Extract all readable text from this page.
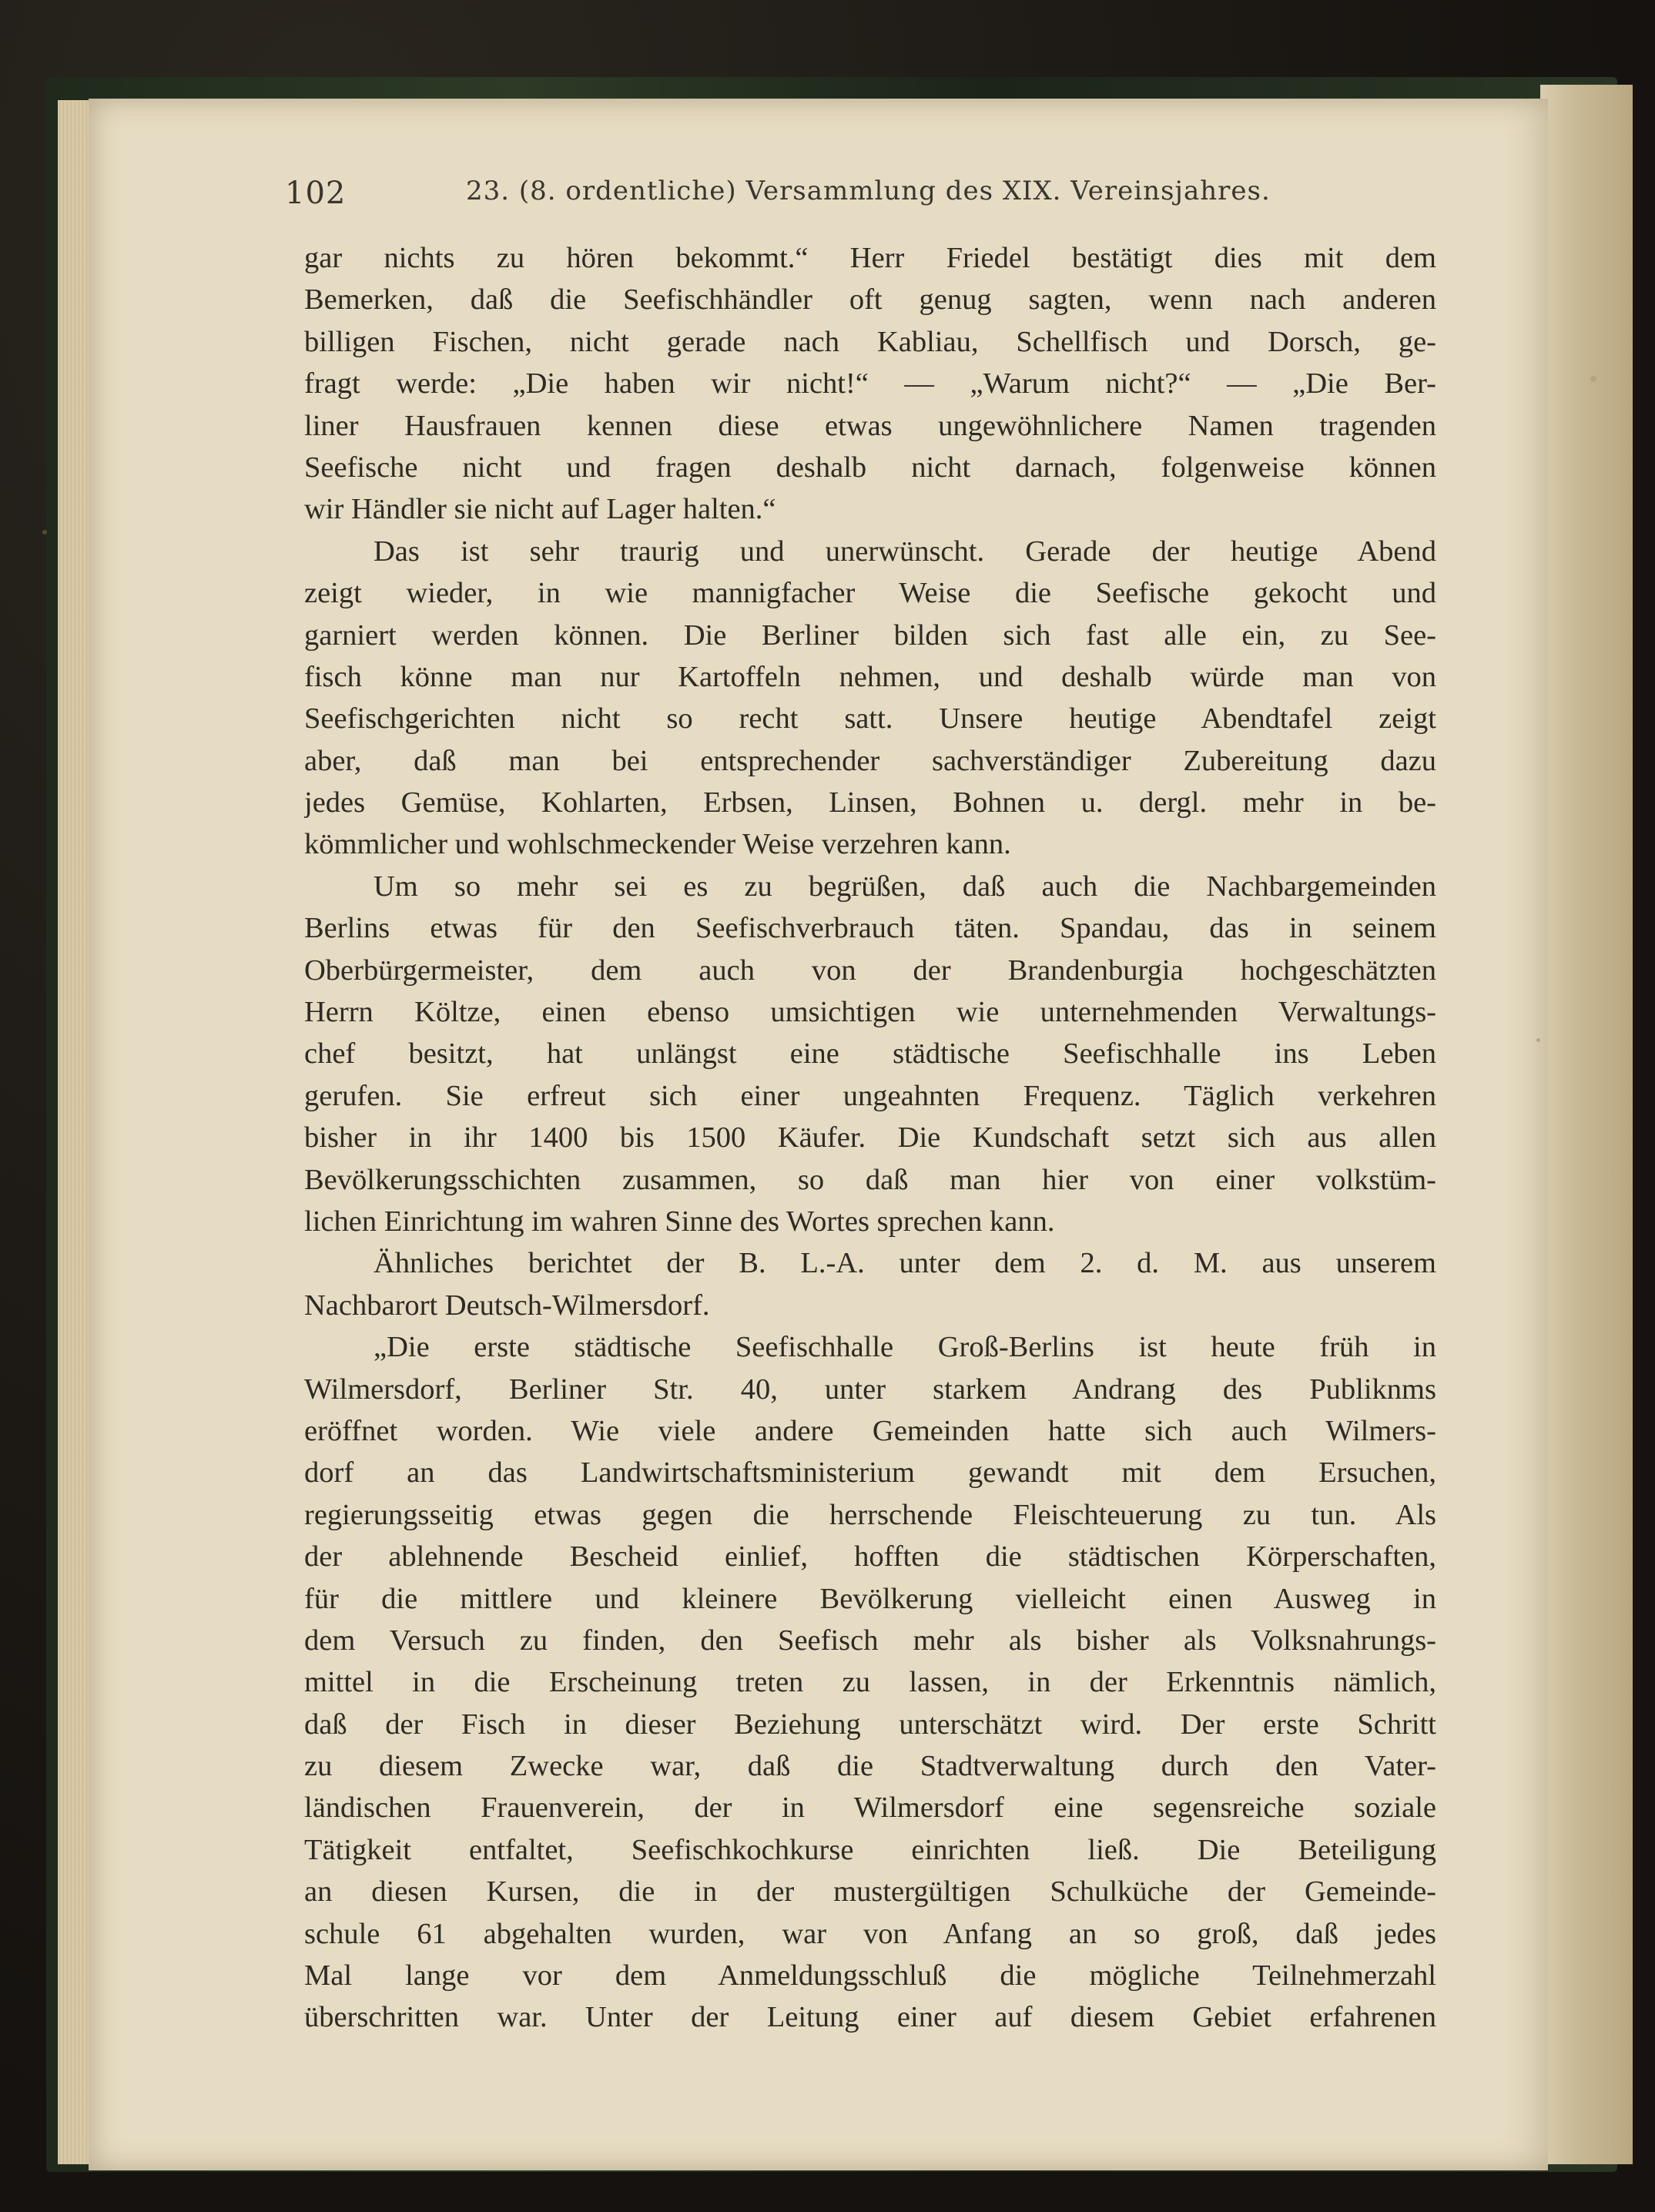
102	23. (8. ordentliche) Versammlung des XIX. Vereinsjahres.
gar nichts zu hören bekommt.“ Herr Friedel bestätigt dies mit dem
Bemerken, daß die Seefischhändler oft genug sagten, wenn nach anderen
billigen Fischen, nicht gerade nach Kabliau, Schellfisch und Dorsch, ge-
fragt werde: „Die haben wir nicht!“ — „Warum nicht?“ — „Die Ber-
liner Hausfrauen kennen diese etwas ungewöhnlichere Namen tragenden
Seefische nicht und fragen deshalb nicht darnach, folgenweise können
wir Händler sie nicht auf Lager halten.“
Das ist sehr traurig und unerwünscht. Gerade der heutige Abend
zeigt wieder, in wie mannigfacher Weise die Seefische gekocht und
garniert werden können. Die Berliner bilden sich fast alle ein, zu See-
fisch könne man nur Kartoffeln nehmen, und deshalb würde man von
Seefischgerichten nicht so recht satt. Unsere heutige Abendtafel zeigt
aber, daß man bei entsprechender sachverständiger Zubereitung dazu
jedes Gemüse, Kohlarten, Erbsen, Linsen, Bohnen u. dergl. mehr in be-
kömmlicher und wohlschmeckender Weise verzehren kann.
Um so mehr sei es zu begrüßen, daß auch die Nachbargemeinden
Berlins etwas für den Seefischverbrauch täten. Spandau, das in seinem
Oberbürgermeister, dem auch von der Brandenburgia hochgeschätzten
Herrn Költze, einen ebenso umsichtigen wie unternehmenden Verwaltungs-
chef besitzt, hat unlängst eine städtische Seefischhalle ins Leben
gerufen. Sie erfreut sich einer ungeahnten Frequenz. Täglich verkehren
bisher in ihr 1400 bis 1500 Käufer. Die Kundschaft setzt sich aus allen
Bevölkerungsschichten zusammen, so daß man hier von einer volkstüm-
lichen Einrichtung im wahren Sinne des Wortes sprechen kann.
Ähnliches berichtet der B. L.-A. unter dem 2. d. M. aus unserem
Nachbarort Deutsch-Wilmersdorf.
„Die erste städtische Seefischhalle Groß-Berlins ist heute früh in
Wilmersdorf, Berliner Str. 40, unter starkem Andrang des Publiknms
eröffnet worden. Wie viele andere Gemeinden hatte sich auch Wilmers-
dorf an das Landwirtschaftsministerium gewandt mit dem Ersuchen,
regierungsseitig etwas gegen die herrschende Fleischteuerung zu tun. Als
der ablehnende Bescheid einlief, hofften die städtischen Körperschaften,
für die mittlere und kleinere Bevölkerung vielleicht einen Ausweg in
dem Versuch zu finden, den Seefisch mehr als bisher als Volksnahrungs-
mittel in die Erscheinung treten zu lassen, in der Erkenntnis nämlich,
daß der Fisch in dieser Beziehung unterschätzt wird. Der erste Schritt
zu diesem Zwecke war, daß die Stadtverwaltung durch den Vater-
ländischen Frauenverein, der in Wilmersdorf eine segensreiche soziale
Tätigkeit entfaltet, Seefischkochkurse einrichten ließ. Die Beteiligung
an diesen Kursen, die in der mustergültigen Schulküche der Gemeinde-
schule 61 abgehalten wurden, war von Anfang an so groß, daß jedes
Mal lange vor dem Anmeldungsschluß die mögliche Teilnehmerzahl
überschritten war. Unter der Leitung einer auf diesem Gebiet erfahrenen
